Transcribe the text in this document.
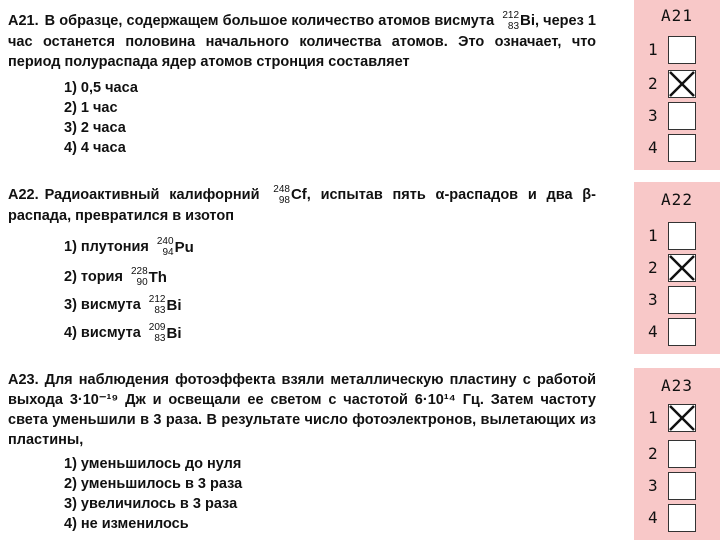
A21. В образце, содержащем большое количество атомов висмута 212
83 Bi , через 1 час останется половина начального количества атомов. Это означает, что период полураспада ядер атомов стронция составляет
1) 0,5 часа
2) 1 час
3) 2 часа
4) 4 часа
A22. Радиоактивный калифорний 248
98 Cf , испытав пять α-распадов и два β-распада, превратился в изотоп
1) плутония 240
94 Pu
2) тория 228
90 Th
3) висмута 212
83 Bi
4) висмута 209
83 Bi
A23. Для наблюдения фотоэффекта взяли металлическую пластину с работой выхода 3·10⁻¹⁹ Дж и освещали ее светом с частотой 6·10¹⁴ Гц. Затем частоту света уменьшили в 3 раза. В результате число фотоэлектронов, вылетающих из пластины,
1) уменьшилось до нуля
2) уменьшилось в 3 раза
3) увеличилось в 3 раза
4) не изменилось
A21
1
2
3
4
A22
1
2
3
4
A23
1
2
3
4
